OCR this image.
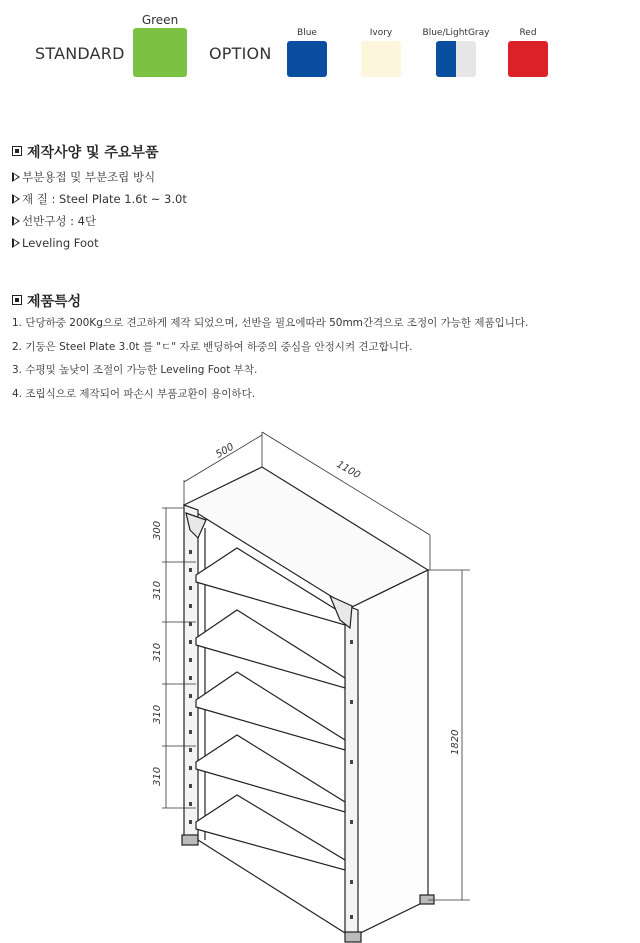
STANDARD
Green
OPTION
Blue	Ivory	Blue/LightGray	Red
제작사양 및 주요부품
부분용접 및 부분조립 방식
재 질 : Steel Plate 1.6t ~ 3.0t
선반구성 : 4단
Leveling Foot
제품특성
1. 단당하중 200Kg으로 견고하게 제작 되었으며, 선반을 필요에따라 50mm간격으로 조정이 가능한 제품입니다.
2. 기둥은 Steel Plate 3.0t 를 "ㄷ" 자로 밴딩하여 하중의 중심을 안정시켜 견고합니다.
3. 수평및 높낮이 조절이 가능한 Leveling Foot 부착.
4. 조립식으로 제작되어 파손시 부품교환이 용이하다.
500
1100
1820
300
310
310
310
310
